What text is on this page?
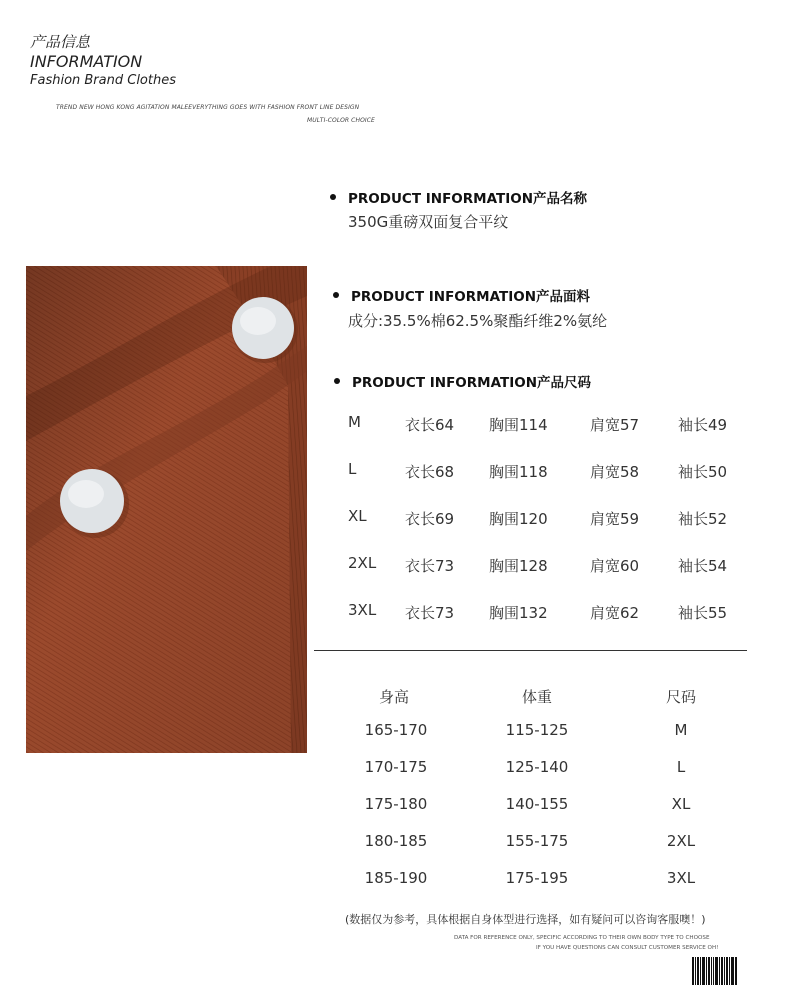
产品信息
INFORMATION
Fashion Brand Clothes
TREND NEW HONG KONG AGITATION MALEEVERYTHING GOES WITH FASHION FRONT LINE DESIGN
MULTI-COLOR CHOICE
PRODUCT INFORMATION产品名称
350G重磅双面复合平纹
PRODUCT INFORMATION产品面料
成分:35.5%棉62.5%聚酯纤维2%氨纶
PRODUCT INFORMATION产品尺码
M	衣长64 胸围114	肩宽57	袖长49
L	衣长68 胸围118	肩宽58	袖长50
XL	衣长69 胸围120	肩宽59	袖长52
2XL 衣长73 胸围128	肩宽60	袖长54
3XL 衣长73 胸围132	肩宽62	袖长55
身高	体重	尺码
165-170	115-125	M
170-175	125-140	L
175-180	140-155	XL
180-185	155-175	2XL
185-190	175-195	3XL
(数据仅为参考，具体根据自身体型进行选择，如有疑问可以咨询客服噢！)
DATA FOR REFERENCE ONLY, SPECIFIC ACCORDING TO THEIR OWN BODY TYPE TO CHOOSE
IF YOU HAVE QUESTIONS CAN CONSULT CUSTOMER SERVICE OH!
